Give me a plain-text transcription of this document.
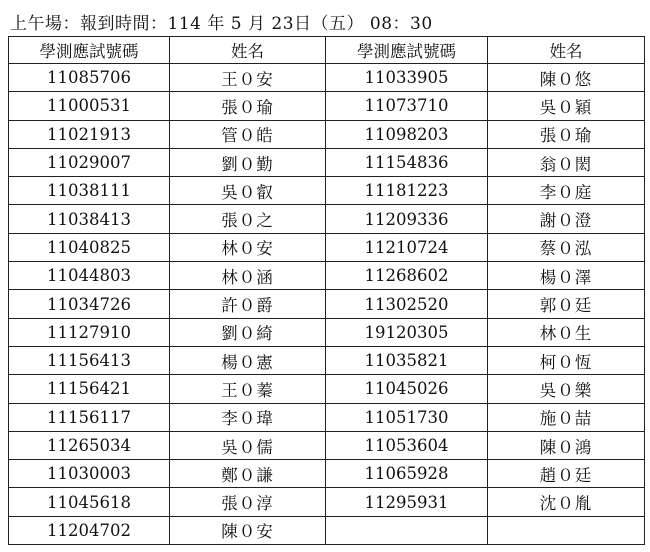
上午場：報到時間：114 年 5 月 23日（五） 08：30
學測應試號碼	姓名	學測應試號碼	姓名
11085706	王０安	11033905	陳０悠
11000531	張０瑜	11073710	吳０穎
11021913	管０皓	11098203	張０瑜
11029007	劉０勤	11154836	翁０閎
11038111	吳０叡	11181223	李０庭
11038413	張０之	11209336	謝０澄
11040825	林０安	11210724	蔡０泓
11044803	林０涵	11268602	楊０澤
11034726	許０爵	11302520	郭０廷
11127910	劉０綺	19120305	林０生
11156413	楊０憲	11035821	柯０恆
11156421	王０蓁	11045026	吳０樂
11156117	李０瑋	11051730	施０喆
11265034	吳０儒	11053604	陳０鴻
11030003	鄭０謙	11065928	趙０廷
11045618	張０淳	11295931	沈０胤
11204702	陳０安		
